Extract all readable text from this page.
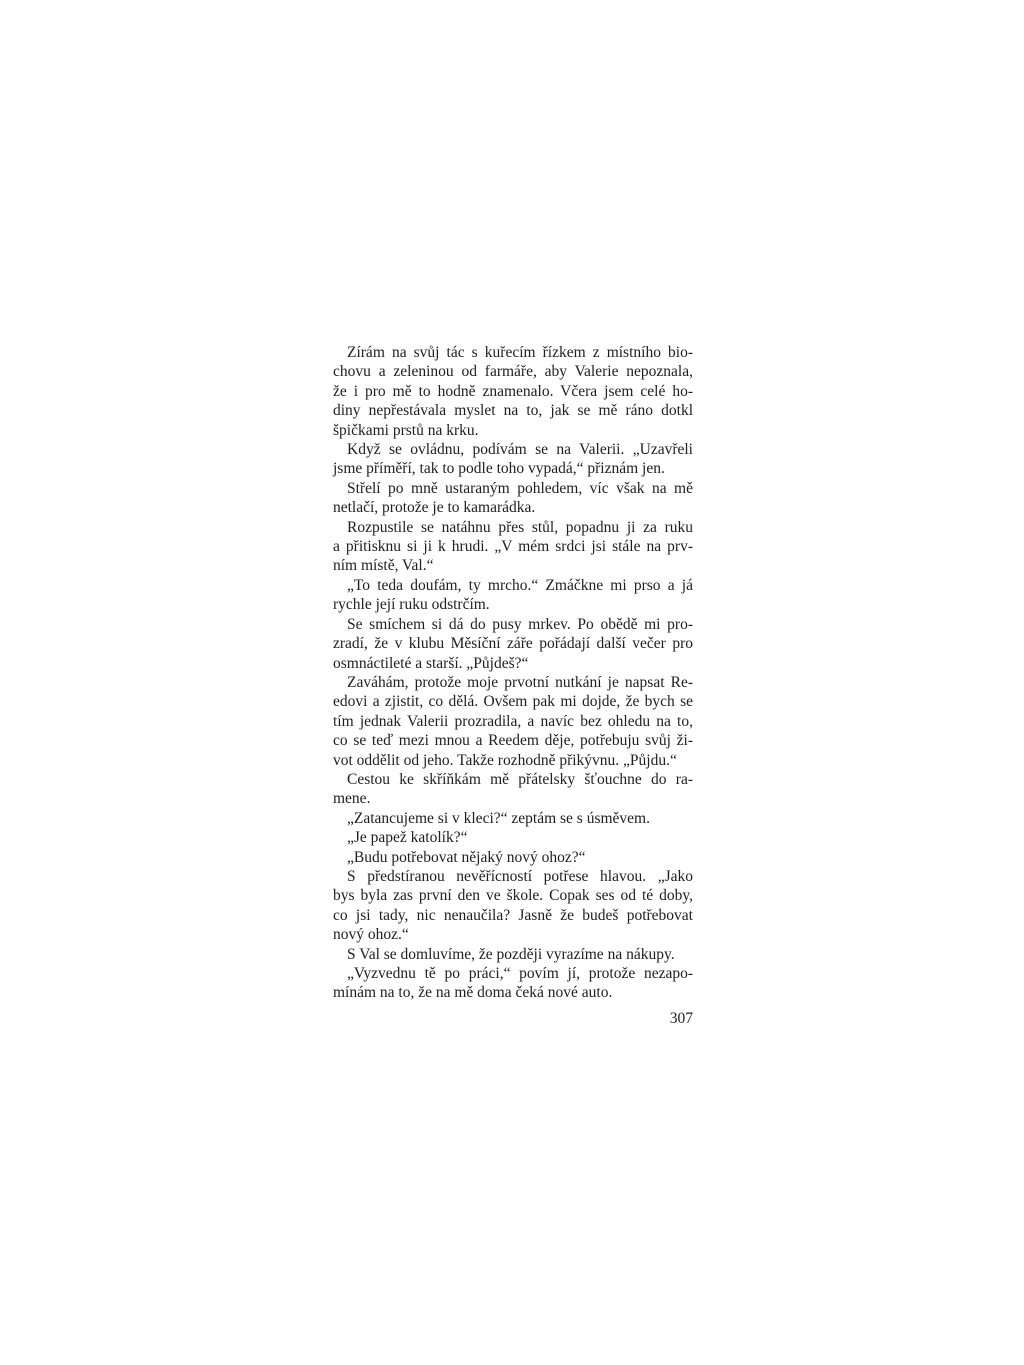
Zírám na svůj tác s kuřecím řízkem z místního bio-
chovu a zeleninou od farmáře, aby Valerie nepoznala,
že i pro mě to hodně znamenalo. Včera jsem celé ho-
diny nepřestávala myslet na to, jak se mě ráno dotkl
špičkami prstů na krku.
Když se ovládnu, podívám se na Valerii. „Uzavřeli
jsme příměří, tak to podle toho vypadá,“ přiznám jen.
Střelí po mně ustaraným pohledem, víc však na mě
netlačí, protože je to kamarádka.
Rozpustile se natáhnu přes stůl, popadnu ji za ruku
a přitisknu si ji k hrudi. „V mém srdci jsi stále na prv-
ním místě, Val.“
„To teda doufám, ty mrcho.“ Zmáčkne mi prso a já
rychle její ruku odstrčím.
Se smíchem si dá do pusy mrkev. Po obědě mi pro-
zradí, že v klubu Měsíční záře pořádají další večer pro
osmnáctileté a starší. „Půjdeš?“
Zaváhám, protože moje prvotní nutkání je napsat Re-
edovi a zjistit, co dělá. Ovšem pak mi dojde, že bych se
tím jednak Valerii prozradila, a navíc bez ohledu na to,
co se teď mezi mnou a Reedem děje, potřebuju svůj ži-
vot oddělit od jeho. Takže rozhodně přikývnu. „Půjdu.“
Cestou ke skříňkám mě přátelsky šťouchne do ra-
mene.
„Zatancujeme si v kleci?“ zeptám se s úsměvem.
„Je papež katolík?“
„Budu potřebovat nějaký nový ohoz?“
S předstíranou nevěřícností potřese hlavou. „Jako
bys byla zas první den ve škole. Copak ses od té doby,
co jsi tady, nic nenaučila? Jasně že budeš potřebovat
nový ohoz.“
S Val se domluvíme, že později vyrazíme na nákupy.
„Vyzvednu tě po práci,“ povím jí, protože nezapo-
mínám na to, že na mě doma čeká nové auto.
307
